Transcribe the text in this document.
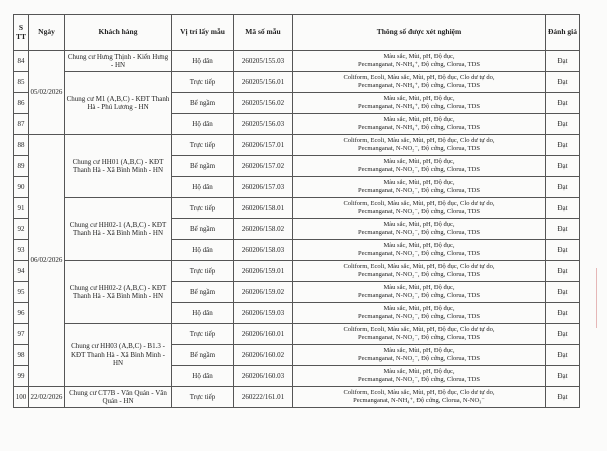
S TT	Ngày	Khách hàng	Vị trí lấy mẫu	Mã số mẫu	Thông số được xét nghiệm	Đánh giá
84	05/02/2026	Chung cư Hưng Thịnh - Kiến Hưng - HN	Hộ dân	260205/155.03	Màu sắc, Mùi, pH, Độ đục,
Pecmanganat, N-NH₄⁺, Độ cứng, Clorua, TDS	Đạt
85		Chung cư M1 (A,B,C) - KĐT Thanh Hà - Phú Lương - HN	Trực tiếp	260205/156.01	Coliform, Ecoli, Màu sắc, Mùi, pH, Độ đục, Clo dư tự do,
Pecmanganat, N-NH₄⁺, Độ cứng, Clorua, TDS	Đạt
86			Bể ngầm	260205/156.02	Màu sắc, Mùi, pH, Độ đục,
Pecmanganat, N-NH₄⁺, Độ cứng, Clorua, TDS	Đạt
87			Hộ dân	260205/156.03	Màu sắc, Mùi, pH, Độ đục,
Pecmanganat, N-NH₄⁺, Độ cứng, Clorua, TDS	Đạt
88	06/02/2026	Chung cư HH01 (A,B,C) - KĐT Thanh Hà - Xã Bình Minh - HN	Trực tiếp	260206/157.01	Coliform, Ecoli, Màu sắc, Mùi, pH, Độ đục, Clo dư tự do,
Pecmanganat, N-NO₂⁻, Độ cứng, Clorua, TDS	Đạt
89			Bể ngầm	260206/157.02	Màu sắc, Mùi, pH, Độ đục,
Pecmanganat, N-NO₂⁻, Độ cứng, Clorua, TDS	Đạt
90			Hộ dân	260206/157.03	Màu sắc, Mùi, pH, Độ đục,
Pecmanganat, N-NO₂⁻, Độ cứng, Clorua, TDS	Đạt
91		Chung cư HH02-1 (A,B,C) - KĐT Thanh Hà - Xã Bình Minh - HN	Trực tiếp	260206/158.01	Coliform, Ecoli, Màu sắc, Mùi, pH, Độ đục, Clo dư tự do,
Pecmanganat, N-NO₂⁻, Độ cứng, Clorua, TDS	Đạt
92			Bể ngầm	260206/158.02	Màu sắc, Mùi, pH, Độ đục,
Pecmanganat, N-NO₂⁻, Độ cứng, Clorua, TDS	Đạt
93			Hộ dân	260206/158.03	Màu sắc, Mùi, pH, Độ đục,
Pecmanganat, N-NO₂⁻, Độ cứng, Clorua, TDS	Đạt
94		Chung cư HH02-2 (A,B,C) - KĐT Thanh Hà - Xã Bình Minh - HN	Trực tiếp	260206/159.01	Coliform, Ecoli, Màu sắc, Mùi, pH, Độ đục, Clo dư tự do,
Pecmanganat, N-NO₂⁻, Độ cứng, Clorua, TDS	Đạt
95			Bể ngầm	260206/159.02	Màu sắc, Mùi, pH, Độ đục,
Pecmanganat, N-NO₂⁻, Độ cứng, Clorua, TDS	Đạt
96			Hộ dân	260206/159.03	Màu sắc, Mùi, pH, Độ đục,
Pecmanganat, N-NO₂⁻, Độ cứng, Clorua, TDS	Đạt
97		Chung cư HH03 (A,B,C) - B1.3 - KĐT Thanh Hà - Xã Bình Minh - HN	Trực tiếp	260206/160.01	Coliform, Ecoli, Màu sắc, Mùi, pH, Độ đục, Clo dư tự do,
Pecmanganat, N-NO₂⁻, Độ cứng, Clorua, TDS	Đạt
98			Bể ngầm	260206/160.02	Màu sắc, Mùi, pH, Độ đục,
Pecmanganat, N-NO₂⁻, Độ cứng, Clorua, TDS	Đạt
99			Hộ dân	260206/160.03	Màu sắc, Mùi, pH, Độ đục,
Pecmanganat, N-NO₂⁻, Độ cứng, Clorua, TDS	Đạt
100	22/02/2026	Chung cư CT7B - Văn Quán - Văn Quán - HN	Trực tiếp	260222/161.01	Coliform, Ecoli, Màu sắc, Mùi, pH, Độ đục, Clo dư tự do,
Pecmanganat, N-NH₄⁺, Độ cứng, Clorua, N-NO₃⁻	Đạt
